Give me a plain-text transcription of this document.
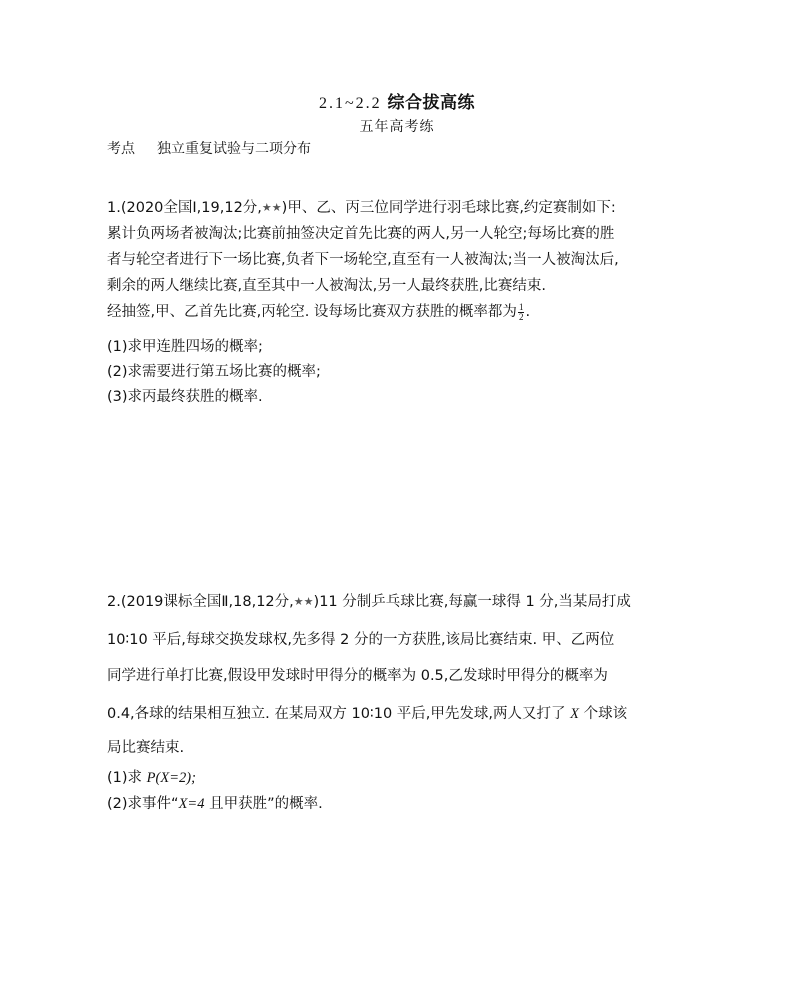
2.1~2.2 综合拔高练
五年高考练
考点 独立重复试验与二项分布
1.(2020全国Ⅰ,19,12分,★★)甲、乙、丙三位同学进行羽毛球比赛,约定赛制如下:
累计负两场者被淘汰;比赛前抽签决定首先比赛的两人,另一人轮空;每场比赛的胜
者与轮空者进行下一场比赛,负者下一场轮空,直至有一人被淘汰;当一人被淘汰后,
剩余的两人继续比赛,直至其中一人被淘汰,另一人最终获胜,比赛结束.
经抽签,甲、乙首先比赛,丙轮空. 设每场比赛双方获胜的概率都为 $\frac{1}{2}$ .
(1)求甲连胜四场的概率;
(2)求需要进行第五场比赛的概率;
(3)求丙最终获胜的概率.
2.(2019课标全国Ⅱ,18,12分,★★)11 分制乒乓球比赛,每赢一球得 1 分,当某局打成
10∶10 平后,每球交换发球权,先多得 2 分的一方获胜,该局比赛结束. 甲、乙两位
同学进行单打比赛,假设甲发球时甲得分的概率为 0.5,乙发球时甲得分的概率为
0.4,各球的结果相互独立. 在某局双方 10∶10 平后,甲先发球,两人又打了 X 个球该
局比赛结束.
(1)求 P(X=2);
(2)求事件“X=4 且甲获胜”的概率.
